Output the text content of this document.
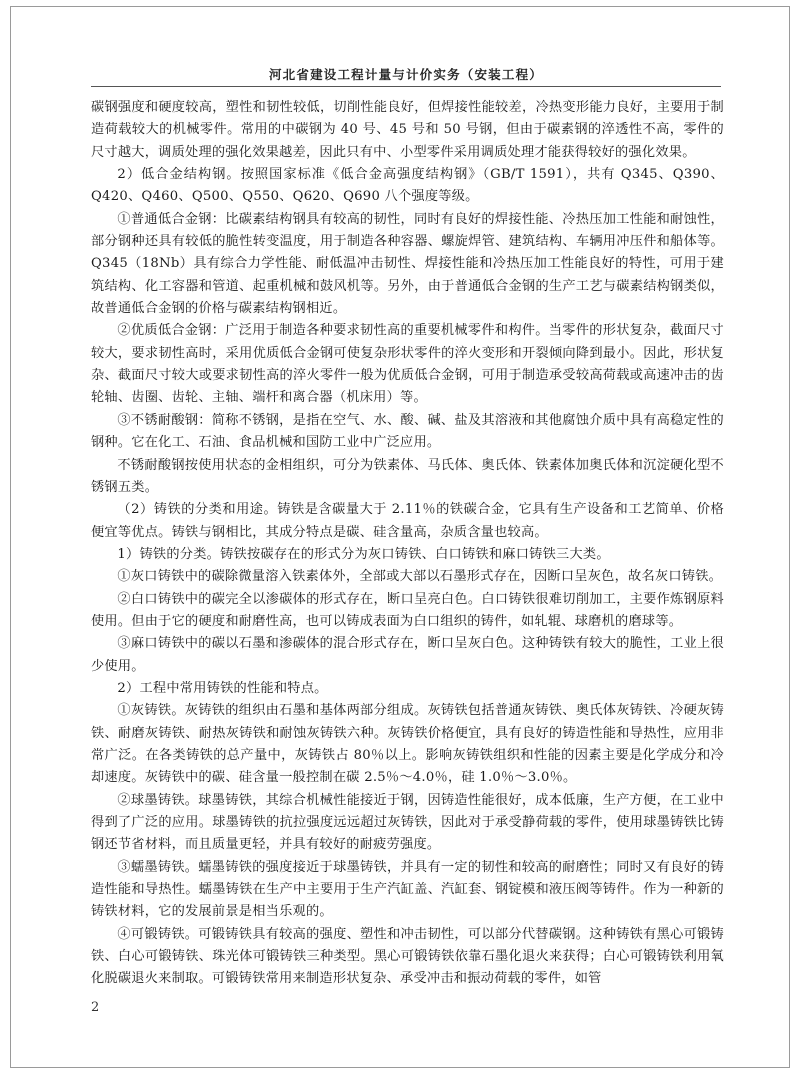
河北省建设工程计量与计价实务（安装工程）

碳钢强度和硬度较高，塑性和韧性较低，切削性能良好，但焊接性能较差，冷热变形能力良好，主要用于制造荷载较大的机械零件。常用的中碳钢为 40 号、45 号和 50 号钢，但由于碳素钢的淬透性不高，零件的尺寸越大，调质处理的强化效果越差，因此只有中、小型零件采用调质处理才能获得较好的强化效果。

2）低合金结构钢。按照国家标准《低合金高强度结构钢》（GB/T 1591），共有 Q345、Q390、Q420、Q460、Q500、Q550、Q620、Q690 八个强度等级。

①普通低合金钢：比碳素结构钢具有较高的韧性，同时有良好的焊接性能、冷热压加工性能和耐蚀性，部分钢种还具有较低的脆性转变温度，用于制造各种容器、螺旋焊管、建筑结构、车辆用冲压件和船体等。Q345（18Nb）具有综合力学性能、耐低温冲击韧性、焊接性能和冷热压加工性能良好的特性，可用于建筑结构、化工容器和管道、起重机械和鼓风机等。另外，由于普通低合金钢的生产工艺与碳素结构钢类似，故普通低合金钢的价格与碳素结构钢相近。

②优质低合金钢：广泛用于制造各种要求韧性高的重要机械零件和构件。当零件的形状复杂，截面尺寸较大，要求韧性高时，采用优质低合金钢可使复杂形状零件的淬火变形和开裂倾向降到最小。因此，形状复杂、截面尺寸较大或要求韧性高的淬火零件一般为优质低合金钢，可用于制造承受较高荷载或高速冲击的齿轮轴、齿圈、齿轮、主轴、端杆和离合器（机床用）等。

③不锈耐酸钢：简称不锈钢，是指在空气、水、酸、碱、盐及其溶液和其他腐蚀介质中具有高稳定性的钢种。它在化工、石油、食品机械和国防工业中广泛应用。

不锈耐酸钢按使用状态的金相组织，可分为铁素体、马氏体、奥氏体、铁素体加奥氏体和沉淀硬化型不锈钢五类。

（2）铸铁的分类和用途。铸铁是含碳量大于 2.11％的铁碳合金，它具有生产设备和工艺简单、价格便宜等优点。铸铁与钢相比，其成分特点是碳、硅含量高，杂质含量也较高。

1）铸铁的分类。铸铁按碳存在的形式分为灰口铸铁、白口铸铁和麻口铸铁三大类。

①灰口铸铁中的碳除微量溶入铁素体外，全部或大部以石墨形式存在，因断口呈灰色，故名灰口铸铁。

②白口铸铁中的碳完全以渗碳体的形式存在，断口呈亮白色。白口铸铁很难切削加工，主要作炼钢原料使用。但由于它的硬度和耐磨性高，也可以铸成表面为白口组织的铸件，如轧辊、球磨机的磨球等。

③麻口铸铁中的碳以石墨和渗碳体的混合形式存在，断口呈灰白色。这种铸铁有较大的脆性，工业上很少使用。

2）工程中常用铸铁的性能和特点。

①灰铸铁。灰铸铁的组织由石墨和基体两部分组成。灰铸铁包括普通灰铸铁、奥氏体灰铸铁、冷硬灰铸铁、耐磨灰铸铁、耐热灰铸铁和耐蚀灰铸铁六种。灰铸铁价格便宜，具有良好的铸造性能和导热性，应用非常广泛。在各类铸铁的总产量中，灰铸铁占 80％以上。影响灰铸铁组织和性能的因素主要是化学成分和冷却速度。灰铸铁中的碳、硅含量一般控制在碳 2.5％～4.0％，硅 1.0％～3.0％。

②球墨铸铁。球墨铸铁，其综合机械性能接近于钢，因铸造性能很好，成本低廉，生产方便，在工业中得到了广泛的应用。球墨铸铁的抗拉强度远远超过灰铸铁，因此对于承受静荷载的零件，使用球墨铸铁比铸钢还节省材料，而且质量更轻，并具有较好的耐疲劳强度。

③蠕墨铸铁。蠕墨铸铁的强度接近于球墨铸铁，并具有一定的韧性和较高的耐磨性；同时又有良好的铸造性能和导热性。蠕墨铸铁在生产中主要用于生产汽缸盖、汽缸套、钢锭模和液压阀等铸件。作为一种新的铸铁材料，它的发展前景是相当乐观的。

④可锻铸铁。可锻铸铁具有较高的强度、塑性和冲击韧性，可以部分代替碳钢。这种铸铁有黑心可锻铸铁、白心可锻铸铁、珠光体可锻铸铁三种类型。黑心可锻铸铁依靠石墨化退火来获得；白心可锻铸铁利用氧化脱碳退火来制取。可锻铸铁常用来制造形状复杂、承受冲击和振动荷载的零件，如管

2
